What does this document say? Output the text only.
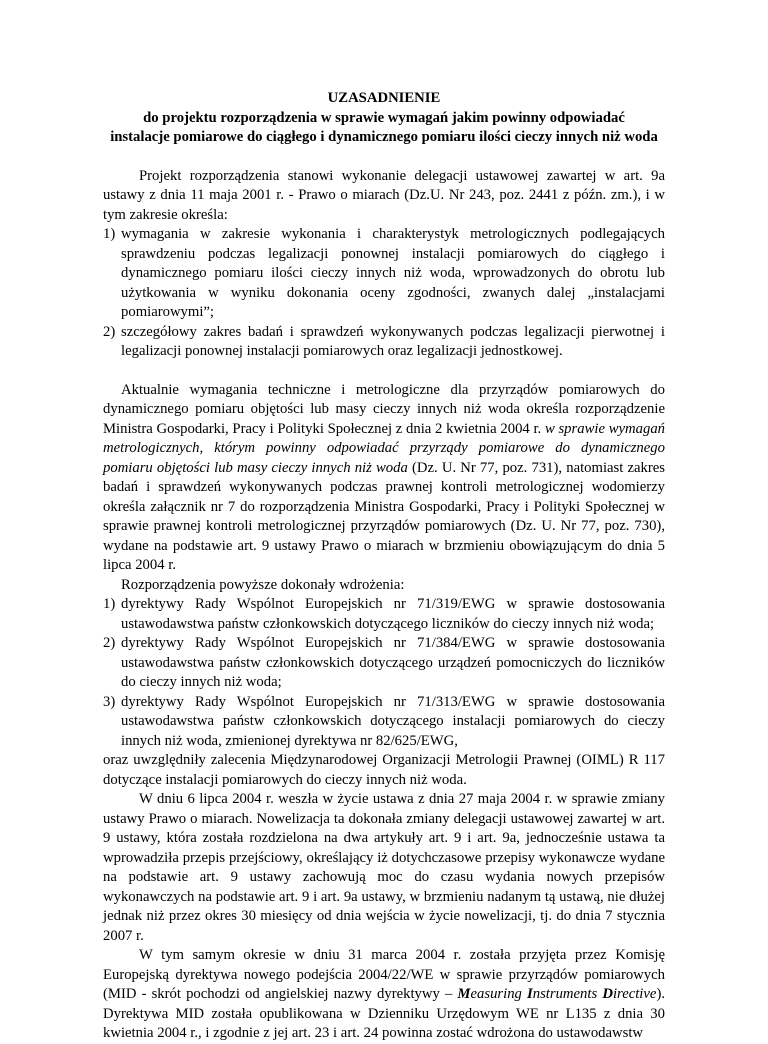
UZASADNIENIE

do projektu rozporządzenia w sprawie wymagań jakim powinny odpowiadać

instalacje pomiarowe do ciągłego i dynamicznego pomiaru ilości cieczy innych niż woda

Projekt rozporządzenia stanowi wykonanie delegacji ustawowej zawartej w art. 9a ustawy z dnia 11 maja 2001 r. - Prawo o miarach (Dz.U. Nr 243, poz. 2441 z późn. zm.), i w tym zakresie określa:

1) wymagania w zakresie wykonania i charakterystyk metrologicznych podlegających sprawdzeniu podczas legalizacji ponownej instalacji pomiarowych do ciągłego i dynamicznego pomiaru ilości cieczy innych niż woda, wprowadzonych do obrotu lub użytkowania w wyniku dokonania oceny zgodności, zwanych dalej „instalacjami pomiarowymi”;
2) szczegółowy zakres badań i sprawdzeń wykonywanych podczas legalizacji pierwotnej i legalizacji ponownej instalacji pomiarowych oraz legalizacji jednostkowej.

Aktualnie wymagania techniczne i metrologiczne dla przyrządów pomiarowych do dynamicznego pomiaru objętości lub masy cieczy innych niż woda określa rozporządzenie Ministra Gospodarki, Pracy i Polityki Społecznej z dnia 2 kwietnia 2004 r. w sprawie wymagań metrologicznych, którym powinny odpowiadać przyrządy pomiarowe do dynamicznego pomiaru objętości lub masy cieczy innych niż woda (Dz. U. Nr 77, poz. 731), natomiast zakres badań i sprawdzeń wykonywanych podczas prawnej kontroli metrologicznej wodomierzy określa załącznik nr 7 do rozporządzenia Ministra Gospodarki, Pracy i Polityki Społecznej w sprawie prawnej kontroli metrologicznej przyrządów pomiarowych (Dz. U. Nr 77, poz. 730), wydane na podstawie art. 9 ustawy Prawo o miarach w brzmieniu obowiązującym do dnia 5 lipca 2004 r.

Rozporządzenia powyższe dokonały wdrożenia:

1) dyrektywy Rady Wspólnot Europejskich nr 71/319/EWG w sprawie dostosowania ustawodawstwa państw członkowskich dotyczącego liczników do cieczy innych niż woda;
2) dyrektywy Rady Wspólnot Europejskich nr 71/384/EWG w sprawie dostosowania ustawodawstwa państw członkowskich dotyczącego urządzeń pomocniczych do liczników do cieczy innych niż woda;
3) dyrektywy Rady Wspólnot Europejskich nr 71/313/EWG w sprawie dostosowania ustawodawstwa państw członkowskich dotyczącego instalacji pomiarowych do cieczy innych niż woda, zmienionej dyrektywa nr 82/625/EWG,

oraz uwzględniły zalecenia Międzynarodowej Organizacji Metrologii Prawnej (OIML) R 117 dotyczące instalacji pomiarowych do cieczy innych niż woda.

W dniu 6 lipca 2004 r. weszła w życie ustawa z dnia 27 maja 2004 r. w sprawie zmiany ustawy Prawo o miarach. Nowelizacja ta dokonała zmiany delegacji ustawowej zawartej w art. 9 ustawy, która została rozdzielona na dwa artykuły art. 9 i art. 9a, jednocześnie ustawa ta wprowadziła przepis przejściowy, określający iż dotychczasowe przepisy wykonawcze wydane na podstawie art. 9 ustawy zachowują moc do czasu wydania nowych przepisów wykonawczych na podstawie art. 9 i art. 9a ustawy, w brzmieniu nadanym tą ustawą, nie dłużej jednak niż przez okres 30 miesięcy od dnia wejścia w życie nowelizacji, tj. do dnia 7 stycznia 2007 r.

W tym samym okresie w dniu 31 marca 2004 r. została przyjęta przez Komisję Europejską dyrektywa nowego podejścia 2004/22/WE w sprawie przyrządów pomiarowych (MID - skrót pochodzi od angielskiej nazwy dyrektywy – Measuring Instruments Directive). Dyrektywa MID została opublikowana w Dzienniku Urzędowym WE nr L135 z dnia 30 kwietnia 2004 r., i zgodnie z jej art. 23 i art. 24 powinna zostać wdrożona do ustawodawstw
